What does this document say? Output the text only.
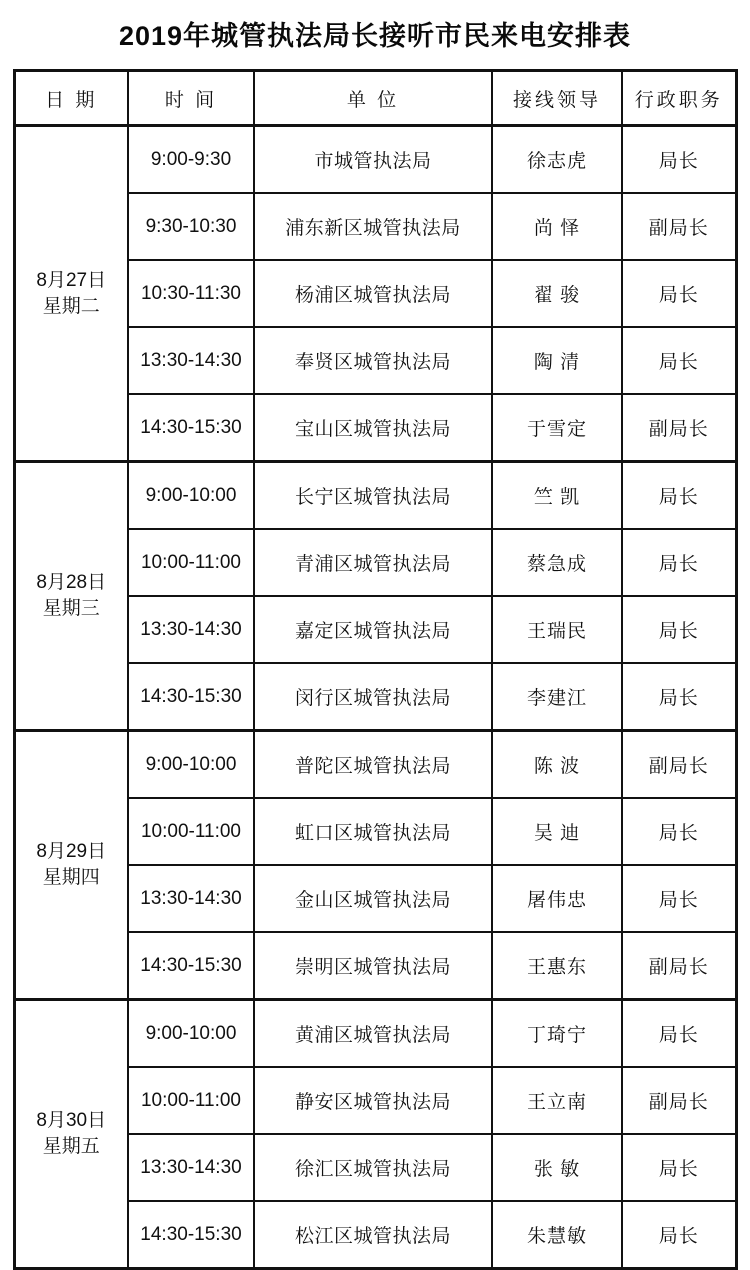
2019年城管执法局长接听市民来电安排表
日 期	时 间	单 位	接线领导	行政职务

8月27日
星期二	9:00-9:30	市城管执法局	徐志虎	局长
	9:30-10:30	浦东新区城管执法局	尚 怿	副局长
	10:30-11:30	杨浦区城管执法局	翟 骏	局长
	13:30-14:30	奉贤区城管执法局	陶 清	局长
	14:30-15:30	宝山区城管执法局	于雪定	副局长

8月28日
星期三	9:00-10:00	长宁区城管执法局	竺 凯	局长
	10:00-11:00	青浦区城管执法局	蔡急成	局长
	13:30-14:30	嘉定区城管执法局	王瑞民	局长
	14:30-15:30	闵行区城管执法局	李建江	局长

8月29日
星期四	9:00-10:00	普陀区城管执法局	陈 波	副局长
	10:00-11:00	虹口区城管执法局	吴 迪	局长
	13:30-14:30	金山区城管执法局	屠伟忠	局长
	14:30-15:30	崇明区城管执法局	王惠东	副局长

8月30日
星期五	9:00-10:00	黄浦区城管执法局	丁琦宁	局长
	10:00-11:00	静安区城管执法局	王立南	副局长
	13:30-14:30	徐汇区城管执法局	张 敏	局长
	14:30-15:30	松江区城管执法局	朱慧敏	局长
